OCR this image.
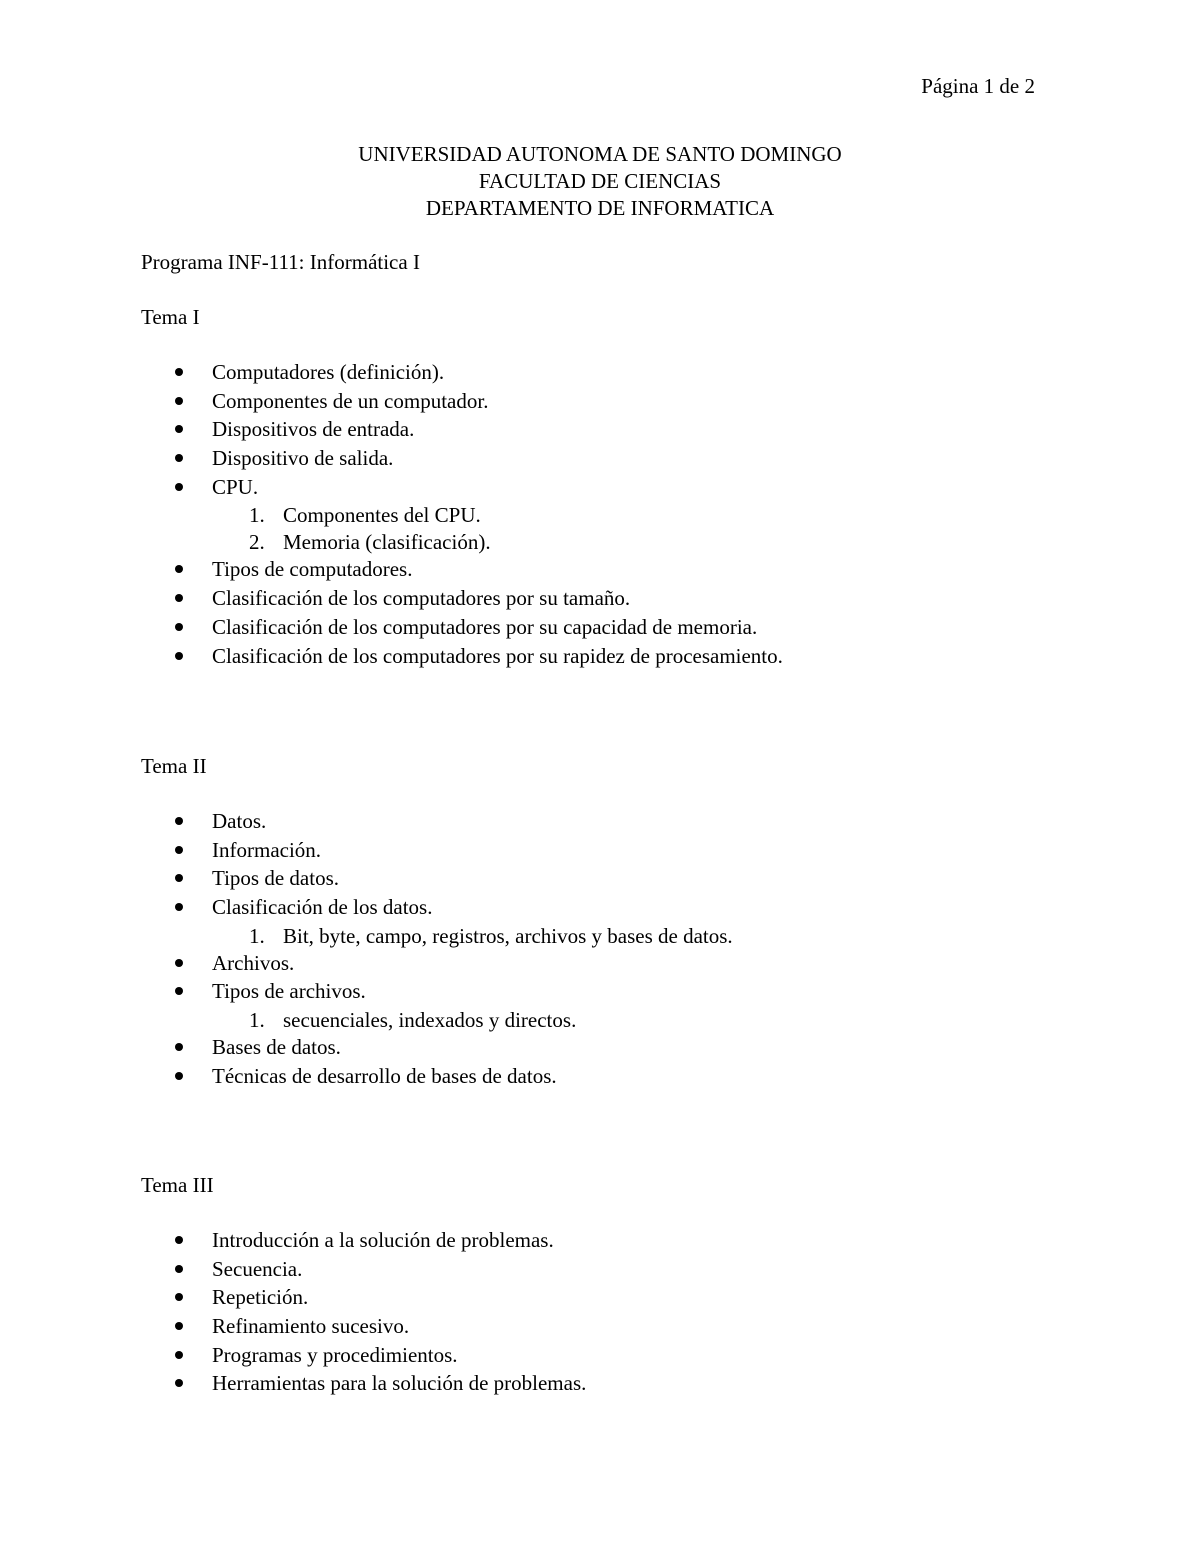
Página 1 de 2
UNIVERSIDAD AUTONOMA DE SANTO DOMINGO
FACULTAD DE CIENCIAS
DEPARTAMENTO DE INFORMATICA
Programa INF-111: Informática I
Tema I
Computadores (definición).
Componentes de un computador.
Dispositivos de entrada.
Dispositivo de salida.
CPU.
1. Componentes del CPU.
2. Memoria (clasificación).
Tipos de computadores.
Clasificación de los computadores por su tamaño.
Clasificación de los computadores por su capacidad de memoria.
Clasificación de los computadores por su rapidez de procesamiento.
Tema II
Datos.
Información.
Tipos de datos.
Clasificación de los datos.
1. Bit, byte, campo, registros, archivos y bases de datos.
Archivos.
Tipos de archivos.
1. secuenciales, indexados y directos.
Bases de datos.
Técnicas de desarrollo de bases de datos.
Tema III
Introducción a la solución de problemas.
Secuencia.
Repetición.
Refinamiento sucesivo.
Programas y procedimientos.
Herramientas para la solución de problemas.
